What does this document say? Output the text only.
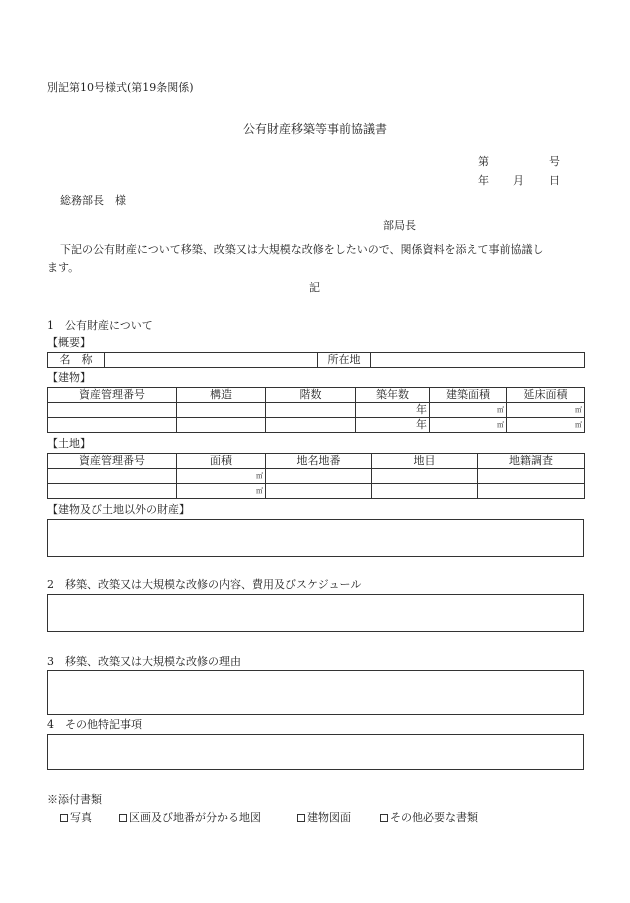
別記第10号様式(第19条関係)
公有財産移築等事前協議書
第	号
年 月 日
総務部長　様
部局長
下記の公有財産について移築、改築又は大規模な改修をしたいので、関係資料を添えて事前協議し
ます。
記
1　公有財産について
【概要】
名　称		所在地	
【建物】
資産管理番号	構造	階数	築年数	建築面積	延床面積
			年	㎡	㎡
			年	㎡	㎡
【土地】
資産管理番号	面積	地名地番	地目	地籍調査
	㎡			
	㎡			
【建物及び土地以外の財産】
2　移築、改築又は大規模な改修の内容、費用及びスケジュール
3　移築、改築又は大規模な改修の理由
4　その他特記事項
※添付書類
写真	区画及び地番が分かる地図	建物図面	その他必要な書類
